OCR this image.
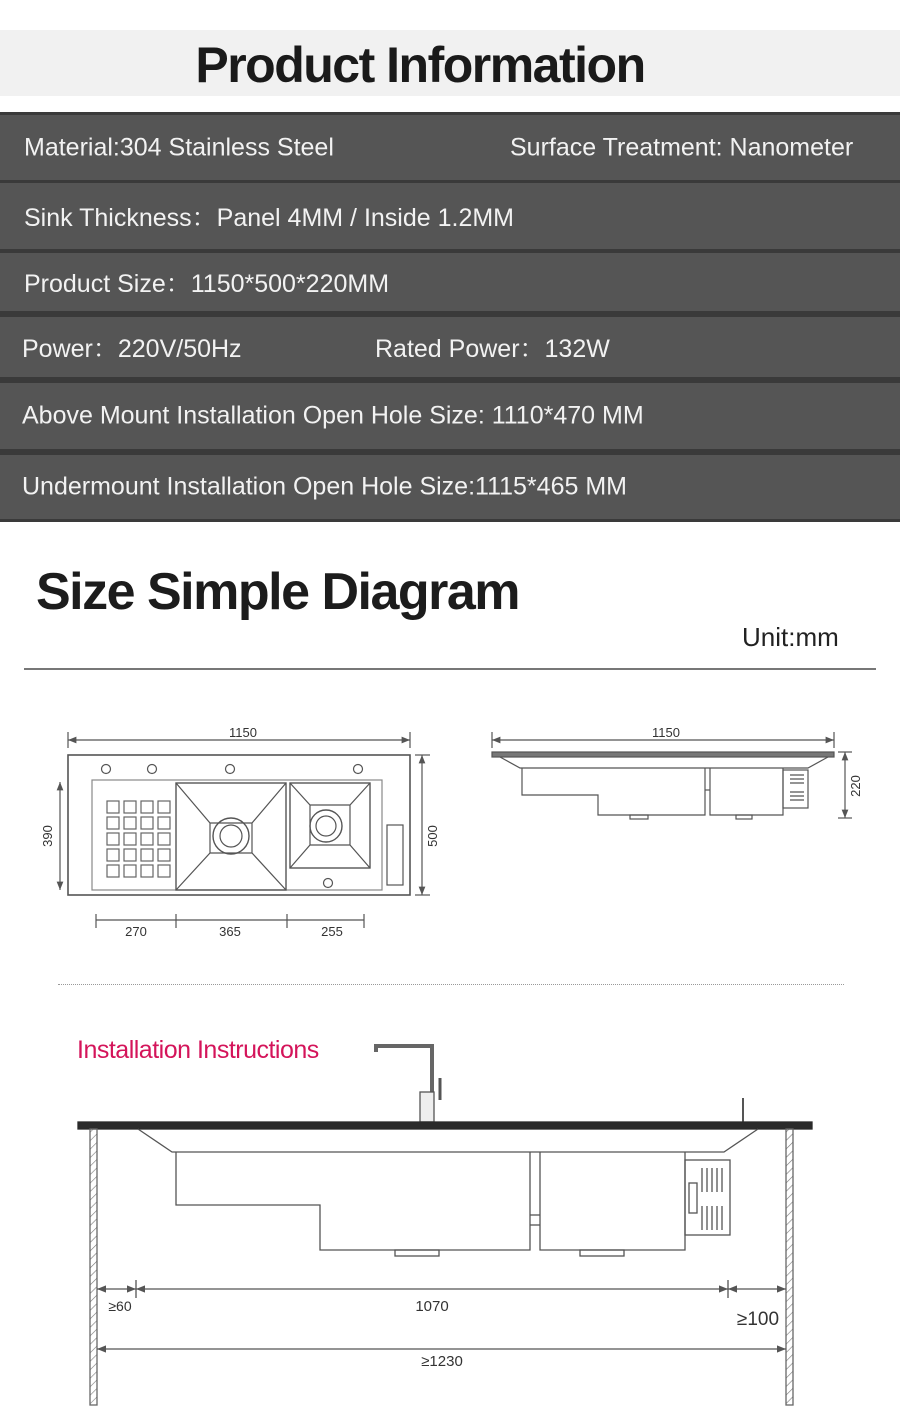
Product Information
Material:304 Stainless Steel	Surface Treatment: Nanometer
Sink Thickness：Panel 4MM / Inside 1.2MM
Product Size：1150*500*220MM
Power：220V/50Hz	Rated Power：132W
Above Mount Installation Open Hole Size: 1110*470 MM
Undermount Installation Open Hole Size:1115*465 MM
Size Simple Diagram
Unit:mm
1150
390	500
270	365	255
1150
220
≥60	1070
≥100
≥1230
Installation Instructions
